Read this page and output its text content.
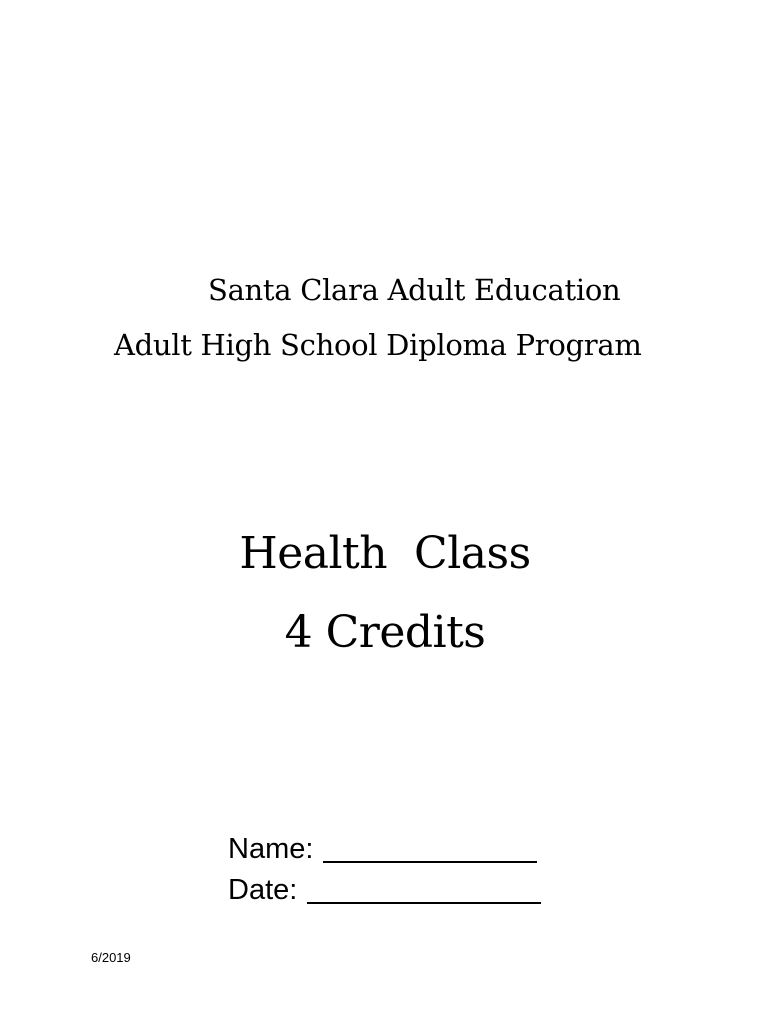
Santa Clara Adult Education
Adult High School Diploma Program
Health  Class
4 Credits
Name:
Date:
6/2019
